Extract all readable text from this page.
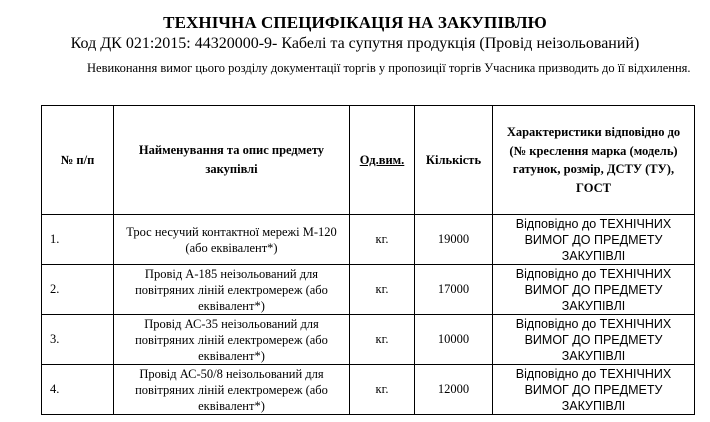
ТЕХНІЧНА СПЕЦИФІКАЦІЯ НА ЗАКУПІВЛЮ
Код ДК 021:2015: 44320000-9- Кабелі та супутня продукція (Провід неізольований)
Невиконання вимог цього розділу документації торгів у пропозиції торгів Учасника призводить до її відхилення.
№ п/п	Найменування та опис предмету закупівлі	Од.вим.	Кількість	Характеристики відповідно до (№ креслення марка (модель) гатунок, розмір, ДСТУ (ТУ), ГОСТ
1.	Трос несучий контактної мережі М-120 (або еквівалент*)	кг.	19000	Відповідно до ТЕХНІЧНИХ ВИМОГ ДО ПРЕДМЕТУ ЗАКУПІВЛІ
2.	Провід А-185 неізольований для повітряних ліній електромереж (або еквівалент*)	кг.	17000	Відповідно до ТЕХНІЧНИХ ВИМОГ ДО ПРЕДМЕТУ ЗАКУПІВЛІ
3.	Провід АС-35 неізольований для повітряних ліній електромереж (або еквівалент*)	кг.	10000	Відповідно до ТЕХНІЧНИХ ВИМОГ ДО ПРЕДМЕТУ ЗАКУПІВЛІ
4.	Провід АС-50/8 неізольований для повітряних ліній електромереж (або еквівалент*)	кг.	12000	Відповідно до ТЕХНІЧНИХ ВИМОГ ДО ПРЕДМЕТУ ЗАКУПІВЛІ
